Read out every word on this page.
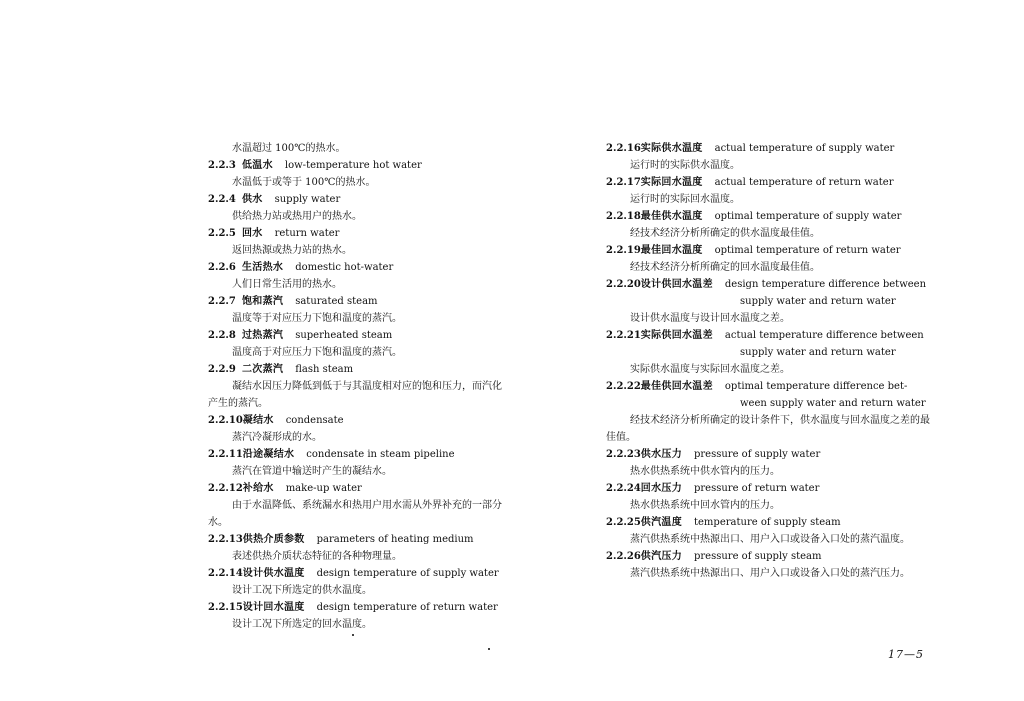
水温超过 100℃的热水。
2.2.3 低温水 low-temperature hot water
水温低于或等于 100℃的热水。
2.2.4 供水 supply water
供给热力站或热用户的热水。
2.2.5 回水 return water
返回热源或热力站的热水。
2.2.6 生活热水 domestic hot-water
人们日常生活用的热水。
2.2.7 饱和蒸汽 saturated steam
温度等于对应压力下饱和温度的蒸汽。
2.2.8 过热蒸汽 superheated steam
温度高于对应压力下饱和温度的蒸汽。
2.2.9 二次蒸汽 flash steam
凝结水因压力降低到低于与其温度相对应的饱和压力，而汽化产生的蒸汽。
2.2.10凝结水 condensate
蒸汽冷凝形成的水。
2.2.11沿途凝结水 condensate in steam pipeline
蒸汽在管道中输送时产生的凝结水。
2.2.12补给水 make-up water
由于水温降低、系统漏水和热用户用水需从外界补充的一部分水。
2.2.13供热介质参数 parameters of heating medium
表述供热介质状态特征的各种物理量。
2.2.14设计供水温度 design temperature of supply water
设计工况下所选定的供水温度。
2.2.15设计回水温度 design temperature of return water
设计工况下所选定的回水温度。
2.2.16实际供水温度 actual temperature of supply water
运行时的实际供水温度。
2.2.17实际回水温度 actual temperature of return water
运行时的实际回水温度。
2.2.18最佳供水温度 optimal temperature of supply water
经技术经济分析所确定的供水温度最佳值。
2.2.19最佳回水温度 optimal temperature of return water
经技术经济分析所确定的回水温度最佳值。
2.2.20设计供回水温差 design temperature difference between
supply water and return water
设计供水温度与设计回水温度之差。
2.2.21实际供回水温差 actual temperature difference between
supply water and return water
实际供水温度与实际回水温度之差。
2.2.22最佳供回水温差 optimal temperature difference bet-
ween supply water and return water
经技术经济分析所确定的设计条件下，供水温度与回水温度之差的最佳值。
2.2.23供水压力 pressure of supply water
热水供热系统中供水管内的压力。
2.2.24回水压力 pressure of return water
热水供热系统中回水管内的压力。
2.2.25供汽温度 temperature of supply steam
蒸汽供热系统中热源出口、用户入口或设备入口处的蒸汽温度。
2.2.26供汽压力 pressure of supply steam
蒸汽供热系统中热源出口、用户入口或设备入口处的蒸汽压力。
17—5
